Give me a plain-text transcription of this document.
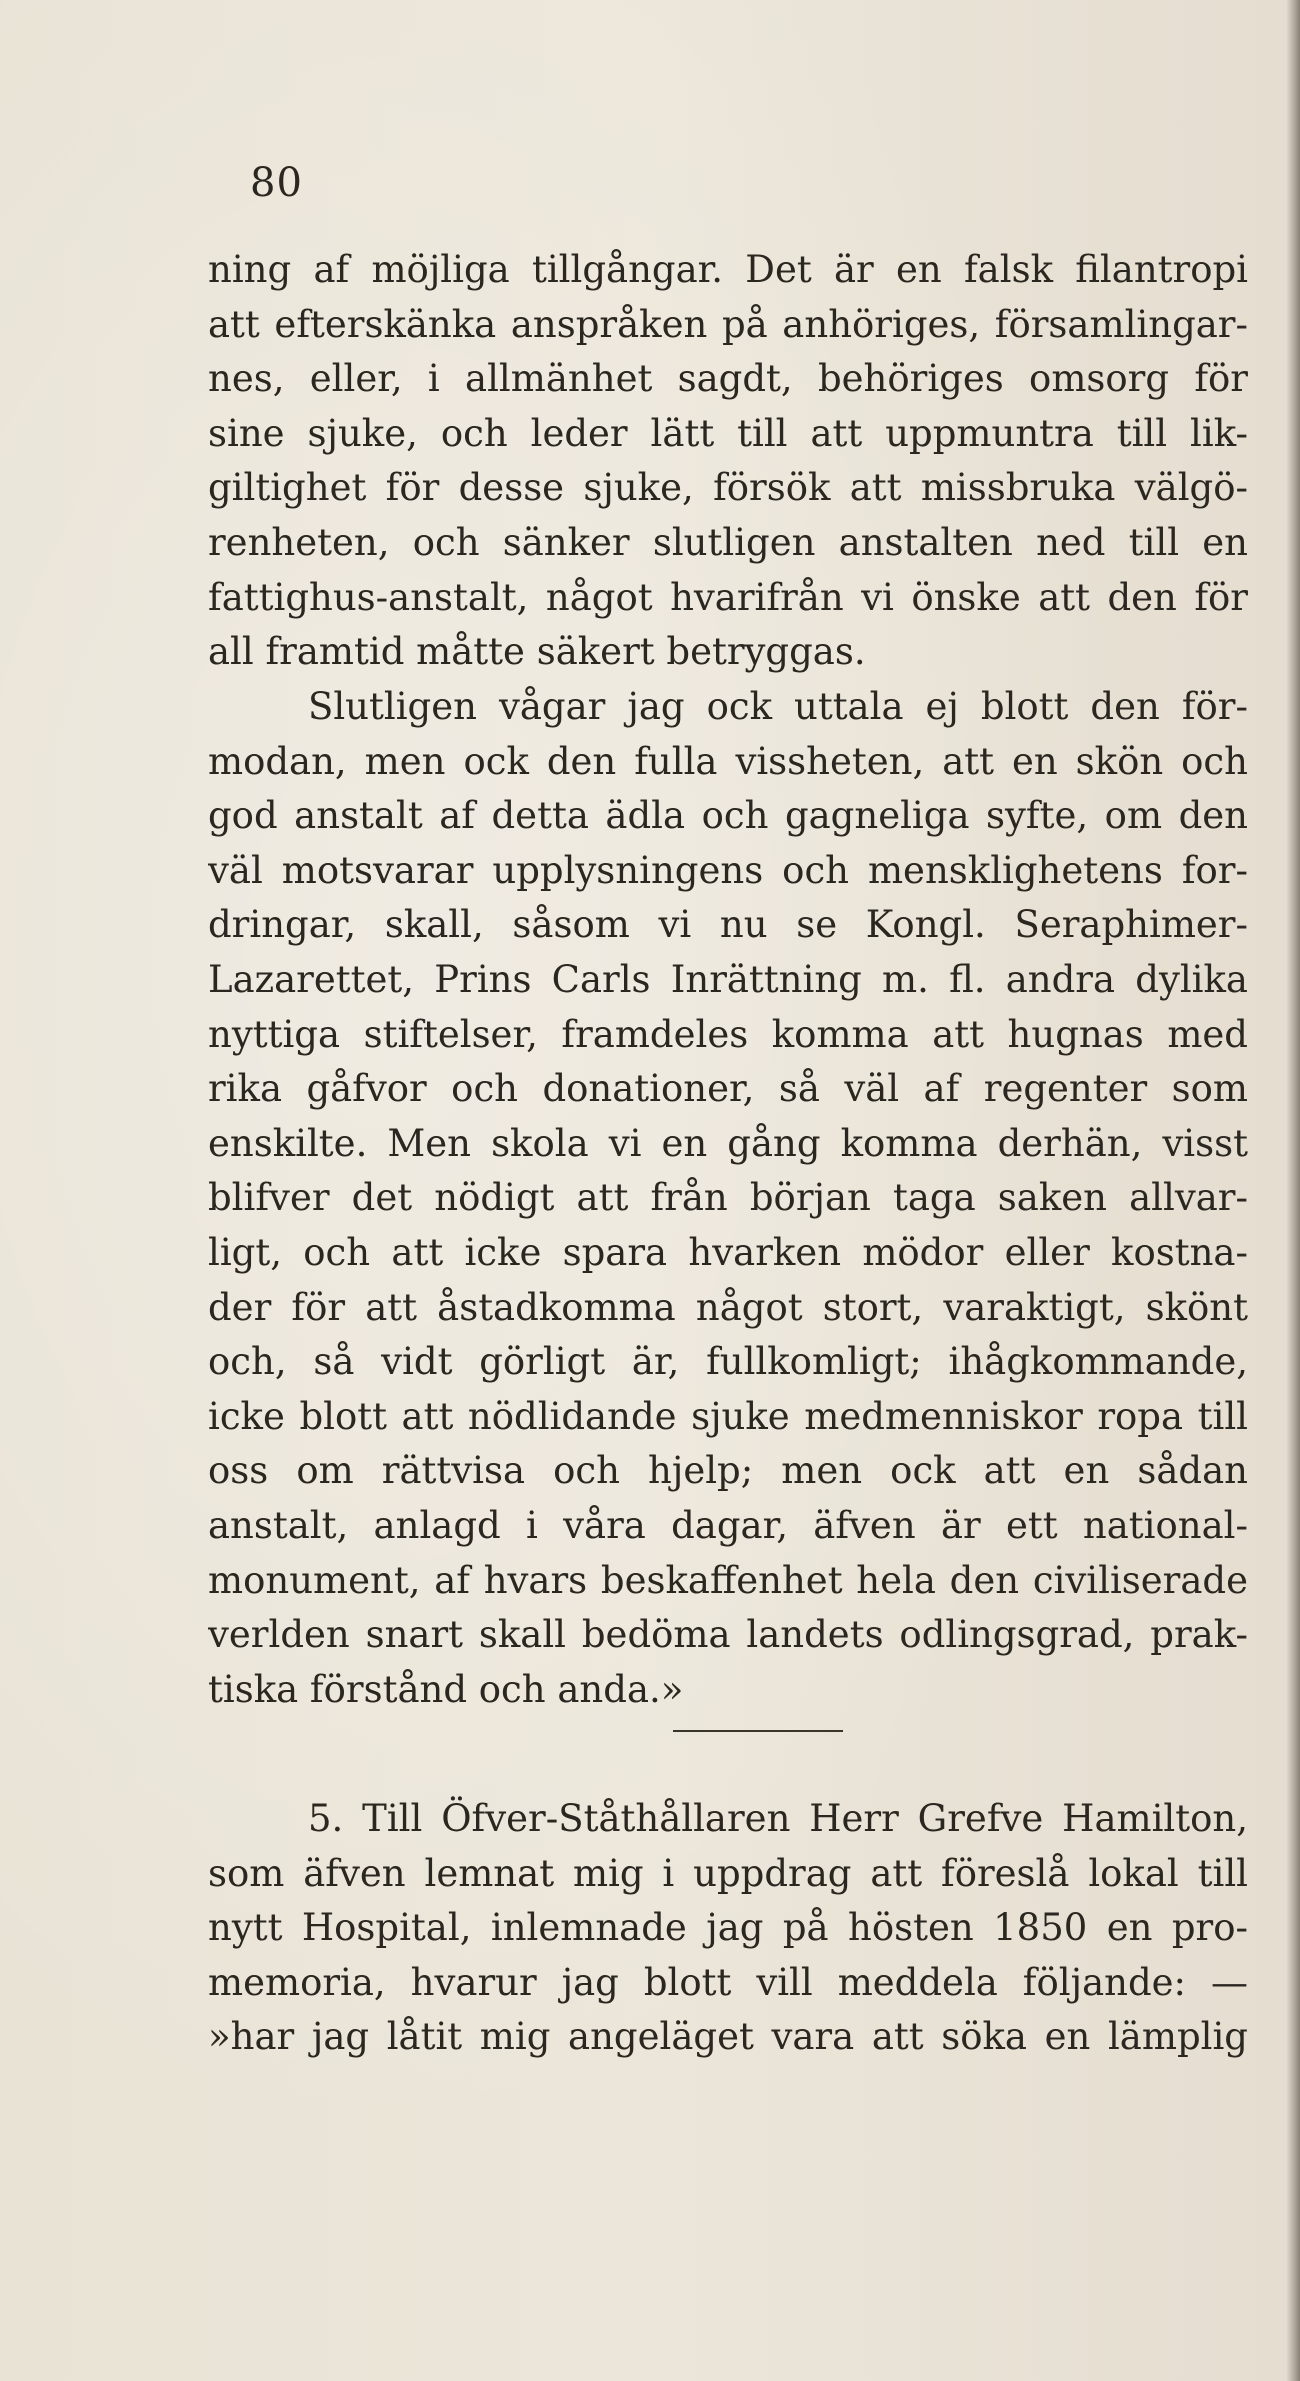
80
ning af möjliga tillgångar. Det är en falsk filantropi
att efterskänka anspråken på anhöriges, församlingar-
nes, eller, i allmänhet sagdt, behöriges omsorg för
sine sjuke, och leder lätt till att uppmuntra till lik-
giltighet för desse sjuke, försök att missbruka välgö-
renheten, och sänker slutligen anstalten ned till en
fattighus-anstalt, något hvarifrån vi önske att den för
all framtid måtte säkert betryggas.
Slutligen vågar jag ock uttala ej blott den för-
modan, men ock den fulla vissheten, att en skön och
god anstalt af detta ädla och gagneliga syfte, om den
väl motsvarar upplysningens och mensklighetens for-
dringar, skall, såsom vi nu se Kongl. Seraphimer-
Lazarettet, Prins Carls Inrättning m. fl. andra dylika
nyttiga stiftelser, framdeles komma att hugnas med
rika gåfvor och donationer, så väl af regenter som
enskilte. Men skola vi en gång komma derhän, visst
blifver det nödigt att från början taga saken allvar-
ligt, och att icke spara hvarken mödor eller kostna-
der för att åstadkomma något stort, varaktigt, skönt
och, så vidt görligt är, fullkomligt; ihågkommande,
icke blott att nödlidande sjuke medmenniskor ropa till
oss om rättvisa och hjelp; men ock att en sådan
anstalt, anlagd i våra dagar, äfven är ett national-
monument, af hvars beskaffenhet hela den civiliserade
verlden snart skall bedöma landets odlingsgrad, prak-
tiska förstånd och anda.»
5. Till Öfver-Ståthållaren Herr Grefve Hamilton,
som äfven lemnat mig i uppdrag att föreslå lokal till
nytt Hospital, inlemnade jag på hösten 1850 en pro-
memoria, hvarur jag blott vill meddela följande: —
»har jag låtit mig angeläget vara att söka en lämplig
